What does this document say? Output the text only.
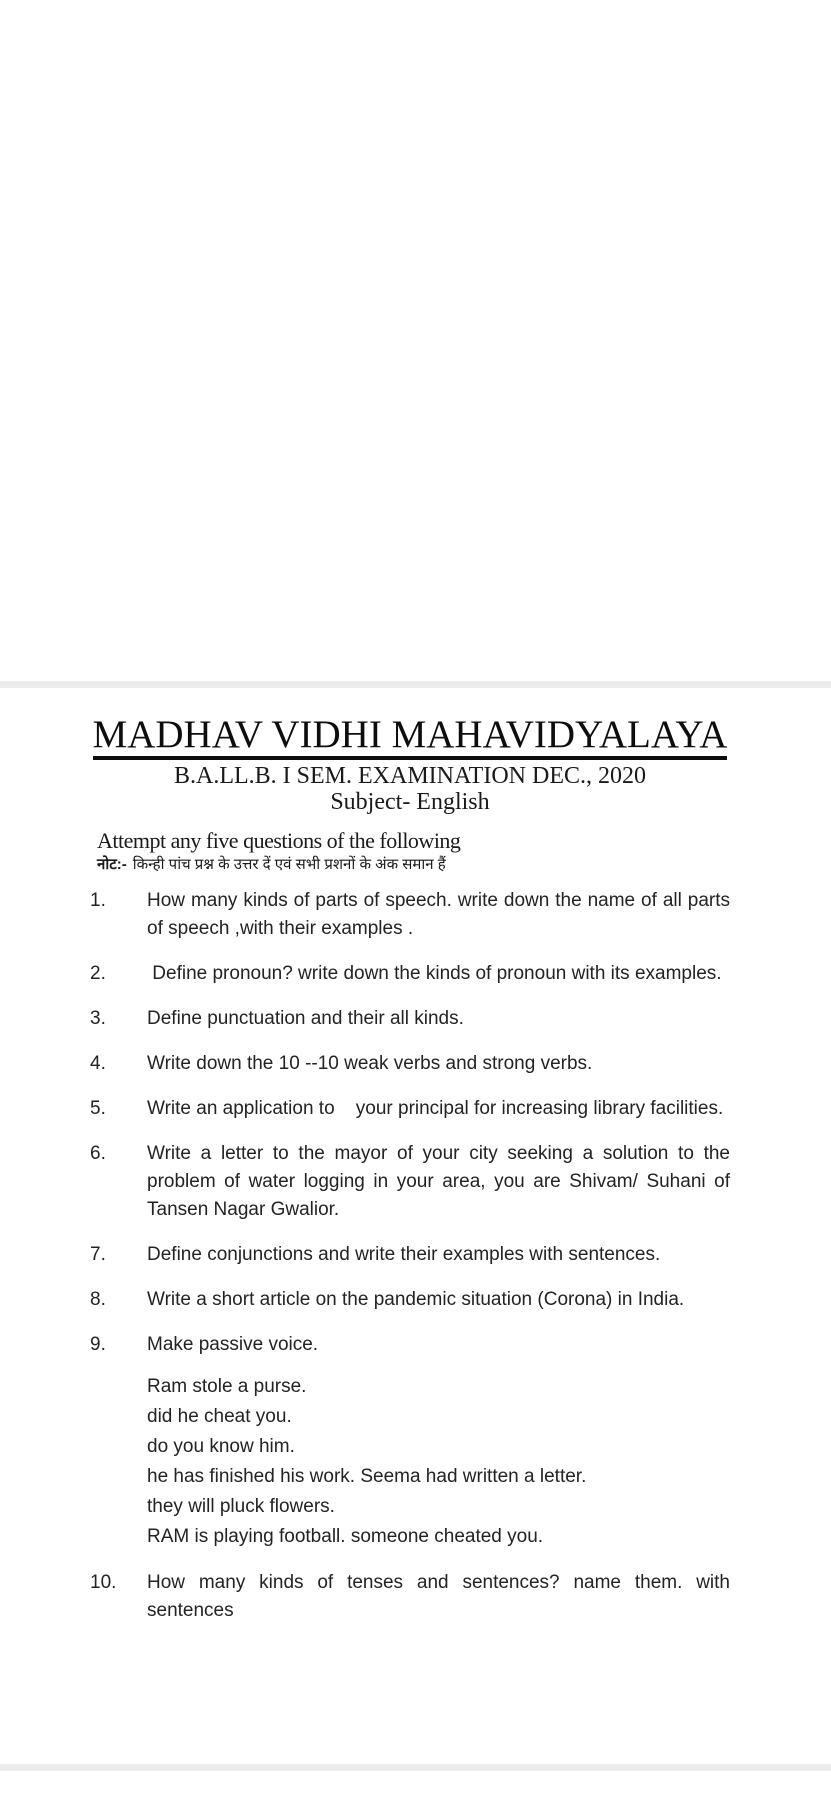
MADHAV VIDHI MAHAVIDYALAYA
B.A.LL.B. I SEM. EXAMINATION DEC., 2020
Subject- English
Attempt any five questions of the following
नोट:- किन्ही पांच प्रश्न के उत्तर दें एवं सभी प्रशनों के अंक समान हैं
1.	How many kinds of parts of speech. write down the name of all parts of speech ,with their examples .
2.	Define pronoun? write down the kinds of pronoun with its examples.
3.	Define punctuation and their all kinds.
4.	Write down the 10 --10 weak verbs and strong verbs.
5.	Write an application to    your principal for increasing library facilities.
6.	Write a letter to the mayor of your city seeking a solution to the problem of water logging in your area, you are Shivam/ Suhani of Tansen Nagar Gwalior.
7.	Define conjunctions and write their examples with sentences.
8.	Write a short article on the pandemic situation (Corona) in India.
9.	Make passive voice.
Ram stole a purse.
did he cheat you.
do you know him.
he has finished his work. Seema had written a letter.
they will pluck flowers.
RAM is playing football. someone cheated you.
10.	How many kinds of tenses and sentences? name them. with sentences
